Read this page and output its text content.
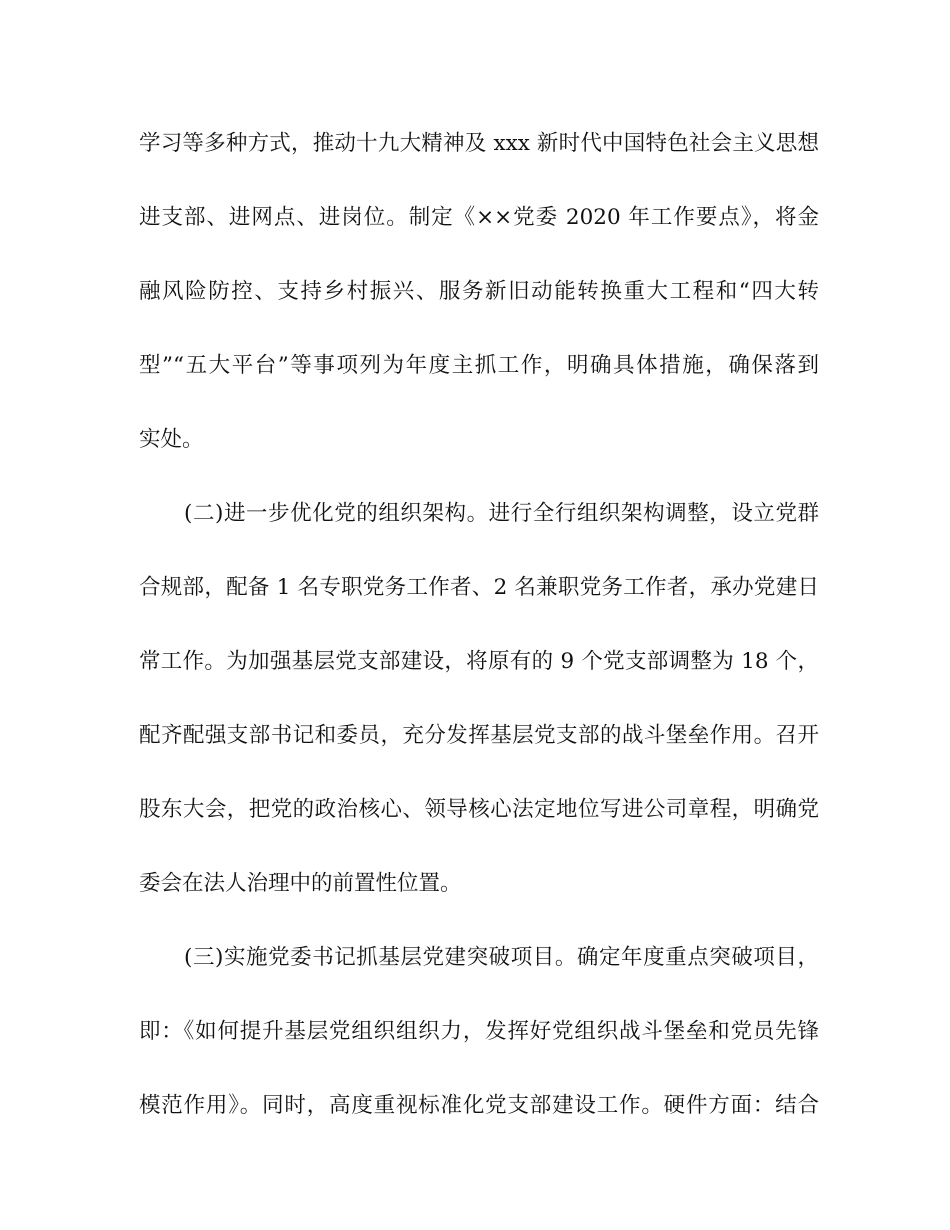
学习等多种方式，推动十九大精神及 xxx 新时代中国特色社会主义思想
进支部、进网点、进岗位。制定《××党委 2020 年工作要点》，将金
融风险防控、支持乡村振兴、服务新旧动能转换重大工程和“四大转
型”“五大平台”等事项列为年度主抓工作，明确具体措施，确保落到
实处。
(二)进一步优化党的组织架构。进行全行组织架构调整，设立党群
合规部，配备 1 名专职党务工作者、2 名兼职党务工作者，承办党建日
常工作。为加强基层党支部建设，将原有的 9 个党支部调整为 18 个，
配齐配强支部书记和委员，充分发挥基层党支部的战斗堡垒作用。召开
股东大会，把党的政治核心、领导核心法定地位写进公司章程，明确党
委会在法人治理中的前置性位置。
(三)实施党委书记抓基层党建突破项目。确定年度重点突破项目，
即：《如何提升基层党组织组织力，发挥好党组织战斗堡垒和党员先锋
模范作用》。同时，高度重视标准化党支部建设工作。硬件方面：结合
